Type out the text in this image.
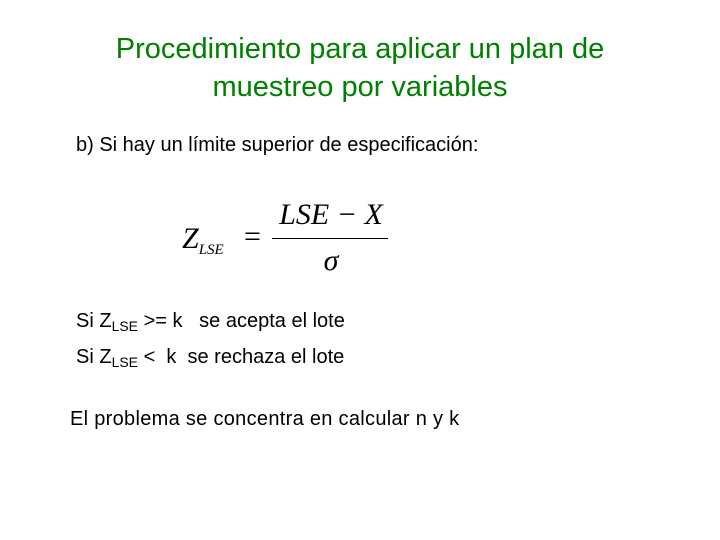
Procedimiento para aplicar un plan de
muestreo por variables
b) Si hay un límite superior de especificación:
$Z_{LSE}$ =
LSE − X
σ
Si $Z_{LSE} >= k$   se acepta el lote
Si $Z_{LSE} < k$  se rechaza el lote
El problema se concentra en calcular n y k
